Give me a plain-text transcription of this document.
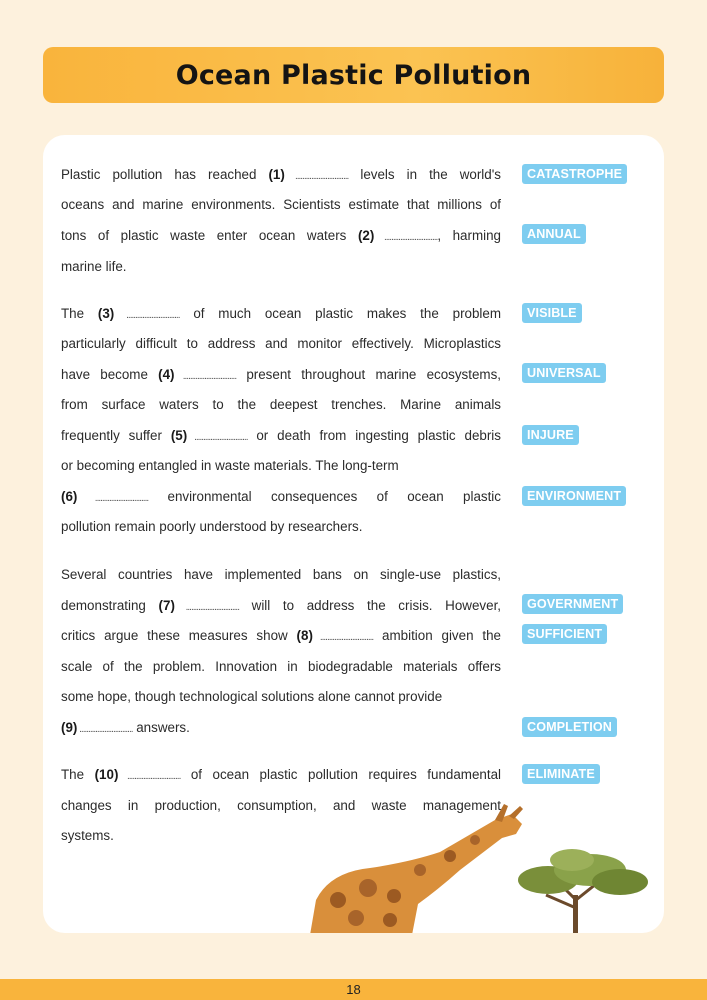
Ocean Plastic Pollution
Plastic pollution has reached (1) .............................. levels in the world's
oceans and marine environments. Scientists estimate that millions of
tons of plastic waste enter ocean waters (2) .............................., harming
marine life.
The (3) .............................. of much ocean plastic makes the problem
particularly difficult to address and monitor effectively. Microplastics
have become (4) .............................. present throughout marine ecosystems,
from surface waters to the deepest trenches. Marine animals
frequently suffer (5) .............................. or death from ingesting plastic debris
or becoming entangled in waste materials. The long-term
(6) .............................. environmental consequences of ocean plastic
pollution remain poorly understood by researchers.
Several countries have implemented bans on single-use plastics,
demonstrating (7) .............................. will to address the crisis. However,
critics argue these measures show (8) .............................. ambition given the
scale of the problem. Innovation in biodegradable materials offers
some hope, though technological solutions alone cannot provide
(9) .............................. answers.
The (10) .............................. of ocean plastic pollution requires fundamental
changes in production, consumption, and waste management
systems.
CATASTROPHE
ANNUAL
VISIBLE
UNIVERSAL
INJURE
ENVIRONMENT
GOVERNMENT
SUFFICIENT
COMPLETION
ELIMINATE
18
